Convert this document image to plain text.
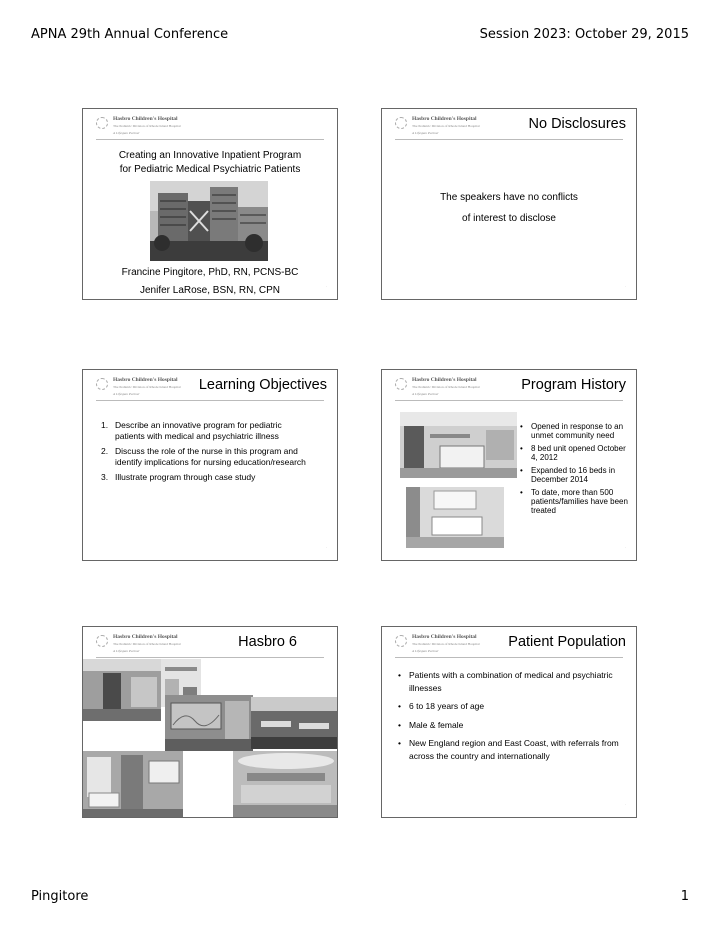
APNA 29th Annual Conference	Session 2023: October 29, 2015
Hasbro Children's Hospital
The Pediatric Division of Rhode Island Hospital
A Lifespan Partner
Creating an Innovative Inpatient Program
for Pediatric Medical Psychiatric Patients
Francine Pingitore, PhD, RN, PCNS-BC
Jenifer LaRose, BSN, RN, CPN	·
Hasbro Children's Hospital
The Pediatric Division of Rhode Island Hospital
A Lifespan Partner
No Disclosures
The speakers have no conflicts
of interest to disclose
·
Hasbro Children's Hospital
The Pediatric Division of Rhode Island Hospital
A Lifespan Partner
Learning Objectives
1. Describe an innovative program for pediatric patients with medical and psychiatric illness
2. Discuss the role of the nurse in this program and identify implications for nursing education/research
3. Illustrate program through case study
·
Hasbro Children's Hospital
The Pediatric Division of Rhode Island Hospital
A Lifespan Partner
Program History
• Opened in response to an unmet community need
• 8 bed unit opened October 4, 2012
• Expanded to 16 beds in December 2014
• To date, more than 500 patients/families have been treated
·
Hasbro Children's Hospital
The Pediatric Division of Rhode Island Hospital
A Lifespan Partner
Hasbro 6	Hasbro Children's Hospital
The Pediatric Division of Rhode Island Hospital
A Lifespan Partner
Patient Population
• Patients with a combination of medical and psychiatric illnesses
• 6 to 18 years of age
• Male & female
• New England region and East Coast, with referrals from across the country and internationally
·
Pingitore	1
